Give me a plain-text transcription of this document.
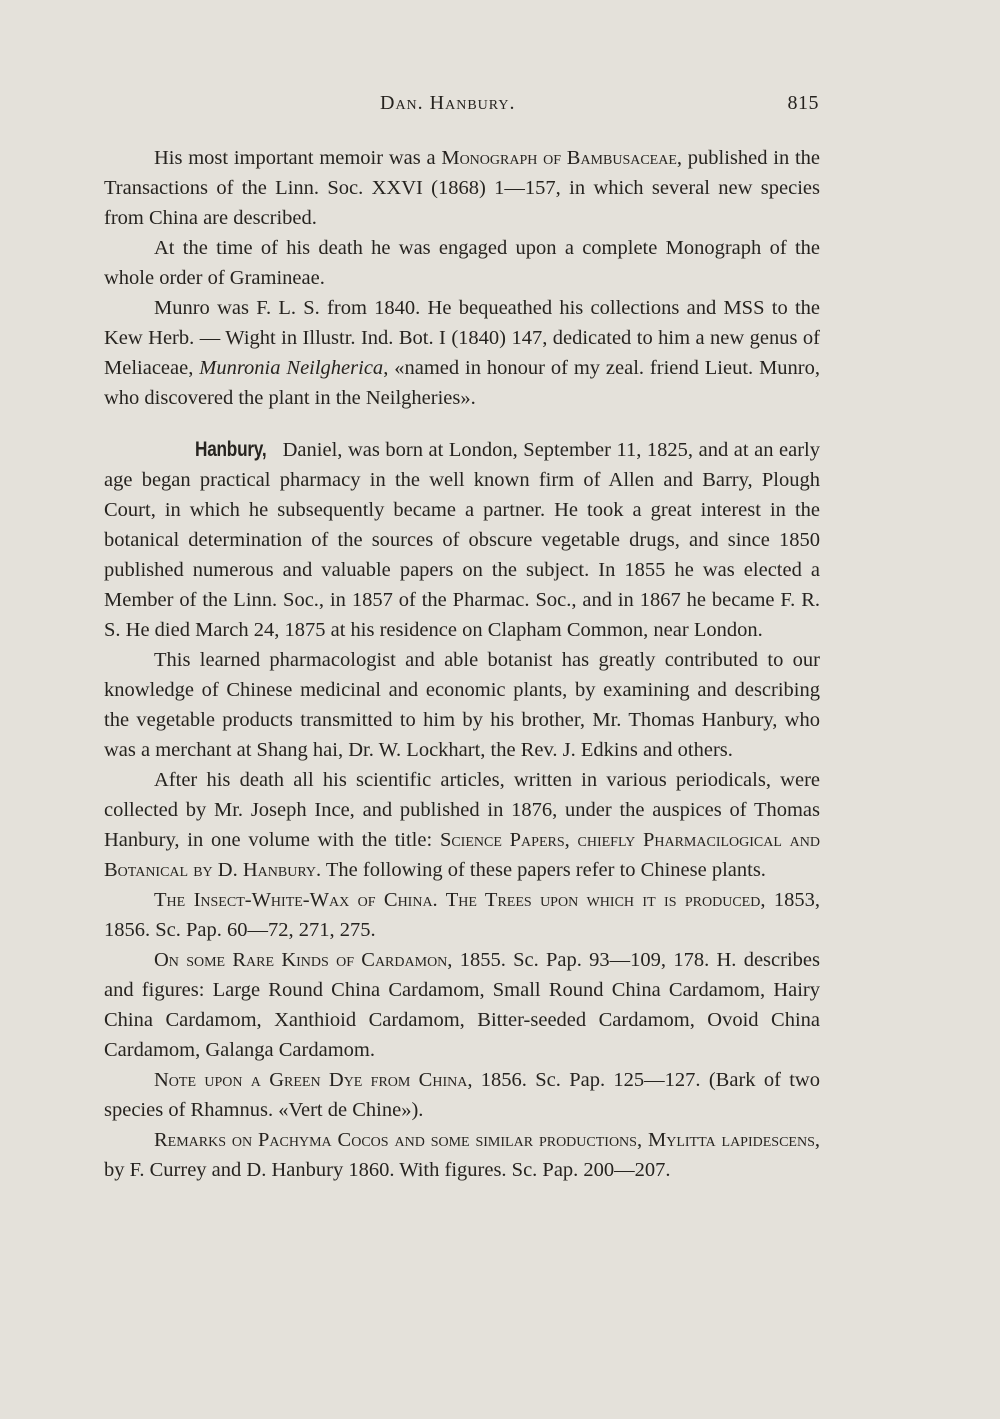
Dan. Hanbury.	815

His most important memoir was a Monograph of Bambusaceae, published in the Transactions of the Linn. Soc. XXVI (1868) 1—157, in which several new species from China are described.

At the time of his death he was engaged upon a complete Monograph of the whole order of Gramineae.

Munro was F. L. S. from 1840. He bequeathed his collections and MSS to the Kew Herb. — Wight in Illustr. Ind. Bot. I (1840) 147, dedicated to him a new genus of Meliaceae, Munronia Neilgherica, «named in honour of my zeal. friend Lieut. Munro, who discovered the plant in the Neilgheries».

Hanbury, Daniel, was born at London, September 11, 1825, and at an early age began practical pharmacy in the well known firm of Allen and Barry, Plough Court, in which he subsequently became a partner. He took a great interest in the botanical determination of the sources of obscure vegetable drugs, and since 1850 published numerous and valuable papers on the subject. In 1855 he was elected a Member of the Linn. Soc., in 1857 of the Pharmac. Soc., and in 1867 he became F. R. S. He died March 24, 1875 at his residence on Clapham Common, near London.

This learned pharmacologist and able botanist has greatly contributed to our knowledge of Chinese medicinal and economic plants, by examining and describing the vegetable products transmitted to him by his brother, Mr. Thomas Hanbury, who was a merchant at Shang hai, Dr. W. Lockhart, the Rev. J. Edkins and others.

After his death all his scientific articles, written in various periodicals, were collected by Mr. Joseph Ince, and published in 1876, under the auspices of Thomas Hanbury, in one volume with the title: Science Papers, chiefly Pharmacilogical and Botanical by D. Hanbury. The following of these papers refer to Chinese plants.

The Insect-White-Wax of China. The Trees upon which it is produced, 1853, 1856. Sc. Pap. 60—72, 271, 275.

On some Rare Kinds of Cardamon, 1855. Sc. Pap. 93—109, 178. H. describes and figures: Large Round China Cardamom, Small Round China Cardamom, Hairy China Cardamom, Xanthioid Cardamom, Bitter-seeded Cardamom, Ovoid China Cardamom, Galanga Cardamom.

Note upon a Green Dye from China, 1856. Sc. Pap. 125—127. (Bark of two species of Rhamnus. «Vert de Chine»).

Remarks on Pachyma Cocos and some similar productions, Mylitta lapidescens, by F. Currey and D. Hanbury 1860. With figures. Sc. Pap. 200—207.
